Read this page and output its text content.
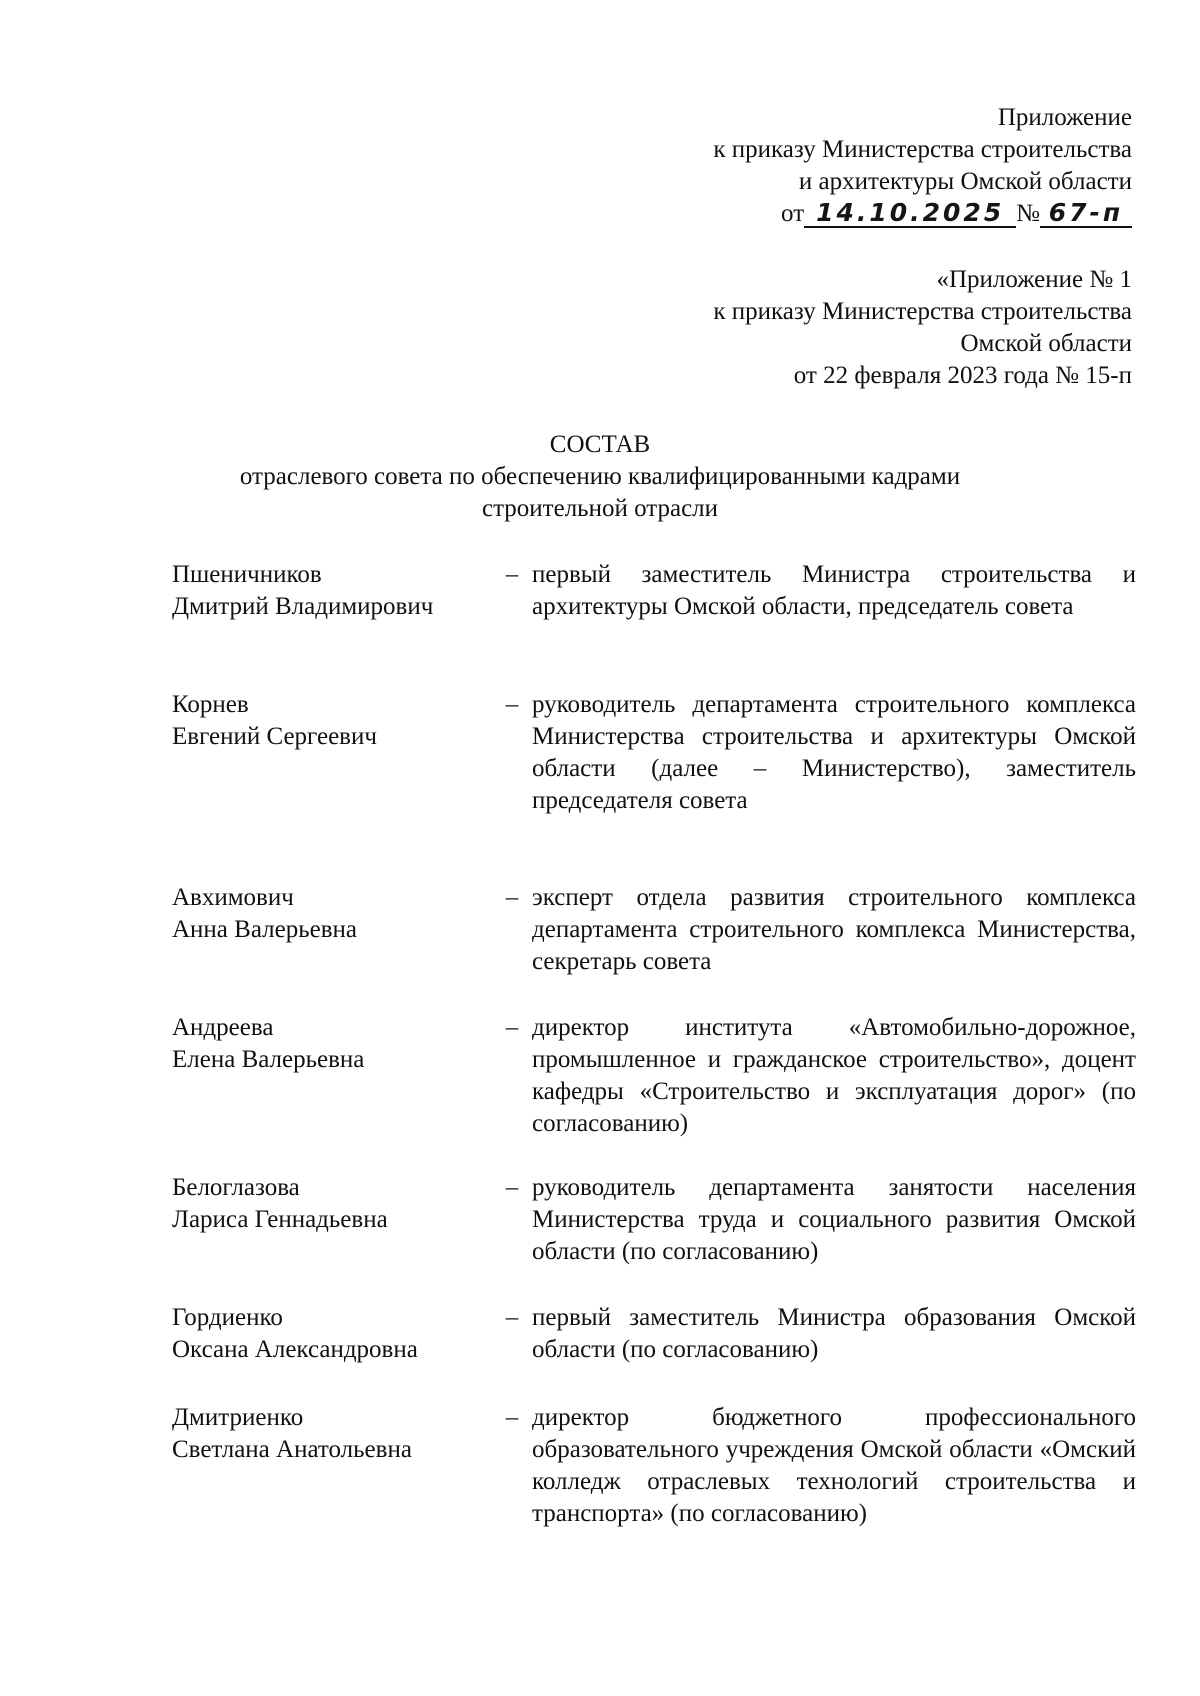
Приложение
к приказу Министерства строительства
и архитектуры Омской области
от 14.10.2025 № 67-п
«Приложение № 1
к приказу Министерства строительства
Омской области
от 22 февраля 2023 года № 15-п
СОСТАВ
отраслевого совета по обеспечению квалифицированными кадрами
строительной отрасли
Пшеничников
Дмитрий Владимирович
– первый заместитель Министра строительства и архитектуры Омской области, председатель совета
Корнев
Евгений Сергеевич
– руководитель департамента строительного комплекса Министерства строительства и архитектуры Омской области (далее – Министерство), заместитель председателя совета
Авхимович
Анна Валерьевна
– эксперт отдела развития строительного комплекса департамента строительного комплекса Министерства, секретарь совета
Андреева
Елена Валерьевна
– директор института «Автомобильно-дорожное, промышленное и гражданское строительство», доцент кафедры «Строительство и эксплуатация дорог» (по согласованию)
Белоглазова
Лариса Геннадьевна
– руководитель департамента занятости населения Министерства труда и социального развития Омской области (по согласованию)
Гордиенко
Оксана Александровна
– первый заместитель Министра образования Омской области (по согласованию)
Дмитриенко
Светлана Анатольевна
– директор бюджетного профессионального образовательного учреждения Омской области «Омский колледж отраслевых технологий строительства и транспорта» (по согласованию)
